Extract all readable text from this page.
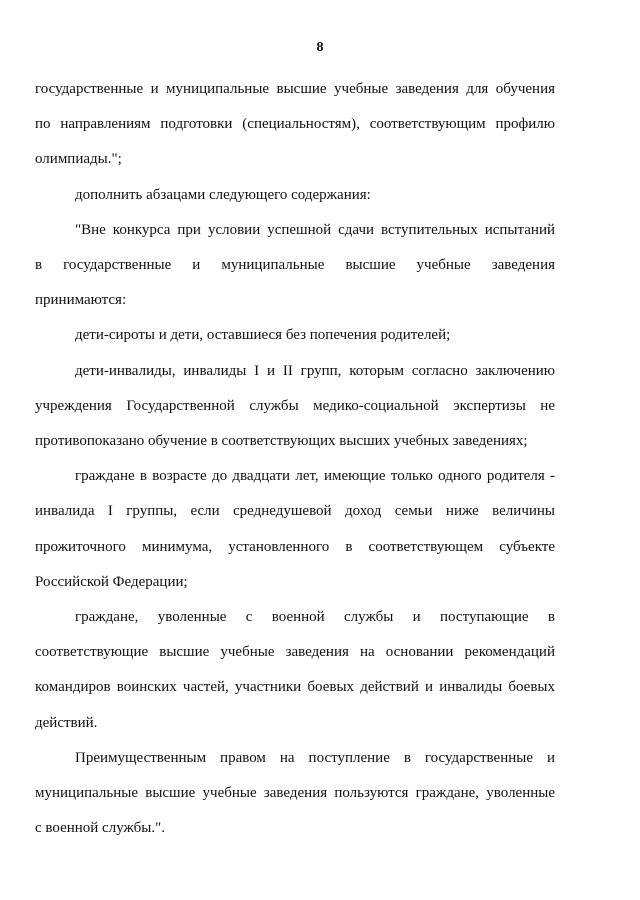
8
государственные и муниципальные высшие учебные заведения для обучения
по направлениям подготовки (специальностям), соответствующим профилю
олимпиады.";
дополнить абзацами следующего содержания:
"Вне конкурса при условии успешной сдачи вступительных испытаний
в государственные и муниципальные высшие учебные заведения
принимаются:
дети-сироты и дети, оставшиеся без попечения родителей;
дети-инвалиды, инвалиды I и II групп, которым согласно заключению
учреждения Государственной службы медико-социальной экспертизы не
противопоказано обучение в соответствующих высших учебных заведениях;
граждане в возрасте до двадцати лет, имеющие только одного родителя -
инвалида I группы, если среднедушевой доход семьи ниже величины
прожиточного минимума, установленного в соответствующем субъекте
Российской Федерации;
граждане, уволенные с военной службы и поступающие в
соответствующие высшие учебные заведения на основании рекомендаций
командиров воинских частей, участники боевых действий и инвалиды боевых
действий.
Преимущественным правом на поступление в государственные и
муниципальные высшие учебные заведения пользуются граждане, уволенные
с военной службы.".
